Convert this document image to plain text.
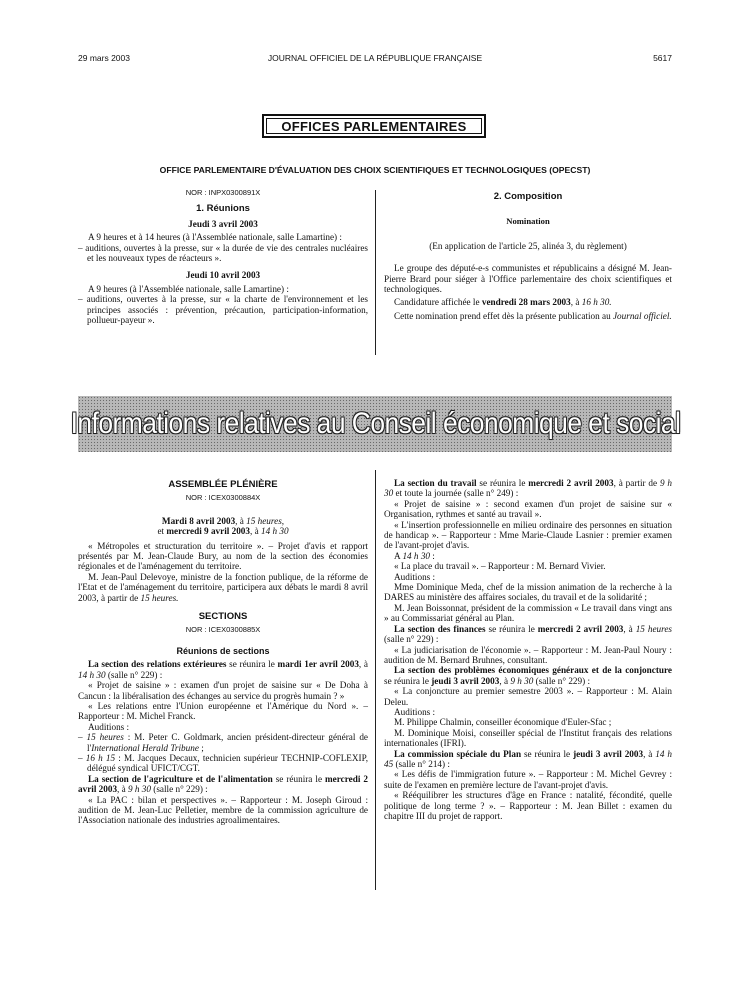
29 mars 2003	JOURNAL OFFICIEL DE LA RÉPUBLIQUE FRANÇAISE	5617
OFFICES PARLEMENTAIRES
OFFICE PARLEMENTAIRE D'ÉVALUATION DES CHOIX SCIENTIFIQUES ET TECHNOLOGIQUES (OPECST)

NOR : INPX0300891X

1. Réunions

Jeudi 3 avril 2003

A 9 heures et à 14 heures (à l'Assemblée nationale, salle Lamartine) :

– auditions, ouvertes à la presse, sur « la durée de vie des centrales nucléaires et les nouveaux types de réacteurs ».

Jeudi 10 avril 2003

A 9 heures (à l'Assemblée nationale, salle Lamartine) :

– auditions, ouvertes à la presse, sur « la charte de l'environnement et les principes associés : prévention, précaution, participation-information, pollueur-payeur ».

2. Composition

Nomination

(En application de l'article 25, alinéa 3, du règlement)

Le groupe des député-e-s communistes et républicains a désigné M. Jean-Pierre Brard pour siéger à l'Office parlementaire des choix scientifiques et technologiques.

Candidature affichée le vendredi 28 mars 2003, à 16 h 30.

Cette nomination prend effet dès la présente publication au Journal officiel.

Informations relatives au Conseil économique et social

ASSEMBLÉE PLÉNIÈRE

NOR : ICEX0300884X

Mardi 8 avril 2003, à 15 heures,

et mercredi 9 avril 2003, à 14 h 30

« Métropoles et structuration du territoire ». – Projet d'avis et rapport présentés par M. Jean-Claude Bury, au nom de la section des économies régionales et de l'aménagement du territoire.

M. Jean-Paul Delevoye, ministre de la fonction publique, de la réforme de l'Etat et de l'aménagement du territoire, participera aux débats le mardi 8 avril 2003, à partir de 15 heures.

SECTIONS

NOR : ICEX0300885X

Réunions de sections

La section des relations extérieures se réunira le mardi 1er avril 2003, à 14 h 30 (salle n° 229) :

« Projet de saisine » : examen d'un projet de saisine sur « De Doha à Cancun : la libéralisation des échanges au service du progrès humain ? »

« Les relations entre l'Union européenne et l'Amérique du Nord ». – Rapporteur : M. Michel Franck.

Auditions :

– 15 heures : M. Peter C. Goldmark, ancien président-directeur général de l'International Herald Tribune ;

– 16 h 15 : M. Jacques Decaux, technicien supérieur TECHNIP-COFLEXIP, délégué syndical UFICT/CGT.

La section de l'agriculture et de l'alimentation se réunira le mercredi 2 avril 2003, à 9 h 30 (salle n° 229) :

« La PAC : bilan et perspectives ». – Rapporteur : M. Joseph Giroud : audition de M. Jean-Luc Pelletier, membre de la commission agriculture de l'Association nationale des industries agroalimentaires.

La section du travail se réunira le mercredi 2 avril 2003, à partir de 9 h 30 et toute la journée (salle n° 249) :

« Projet de saisine » : second examen d'un projet de saisine sur « Organisation, rythmes et santé au travail ».

« L'insertion professionnelle en milieu ordinaire des personnes en situation de handicap ». – Rapporteur : Mme Marie-Claude Lasnier : premier examen de l'avant-projet d'avis.

A 14 h 30 :

« La place du travail ». – Rapporteur : M. Bernard Vivier.

Auditions :

Mme Dominique Meda, chef de la mission animation de la recherche à la DARES au ministère des affaires sociales, du travail et de la solidarité ;

M. Jean Boissonnat, président de la commission « Le travail dans vingt ans » au Commissariat général au Plan.

La section des finances se réunira le mercredi 2 avril 2003, à 15 heures (salle n° 229) :

« La judiciarisation de l'économie ». – Rapporteur : M. Jean-Paul Noury : audition de M. Bernard Bruhnes, consultant.

La section des problèmes économiques généraux et de la conjoncture se réunira le jeudi 3 avril 2003, à 9 h 30 (salle n° 229) :

« La conjoncture au premier semestre 2003 ». – Rapporteur : M. Alain Deleu.

Auditions :

M. Philippe Chalmin, conseiller économique d'Euler-Sfac ;

M. Dominique Moisi, conseiller spécial de l'Institut français des relations internationales (IFRI).

La commission spéciale du Plan se réunira le jeudi 3 avril 2003, à 14 h 45 (salle n° 214) :

« Les défis de l'immigration future ». – Rapporteur : M. Michel Gevrey : suite de l'examen en première lecture de l'avant-projet d'avis.

« Rééquilibrer les structures d'âge en France : natalité, fécondité, quelle politique de long terme ? ». – Rapporteur : M. Jean Billet : examen du chapitre III du projet de rapport.
